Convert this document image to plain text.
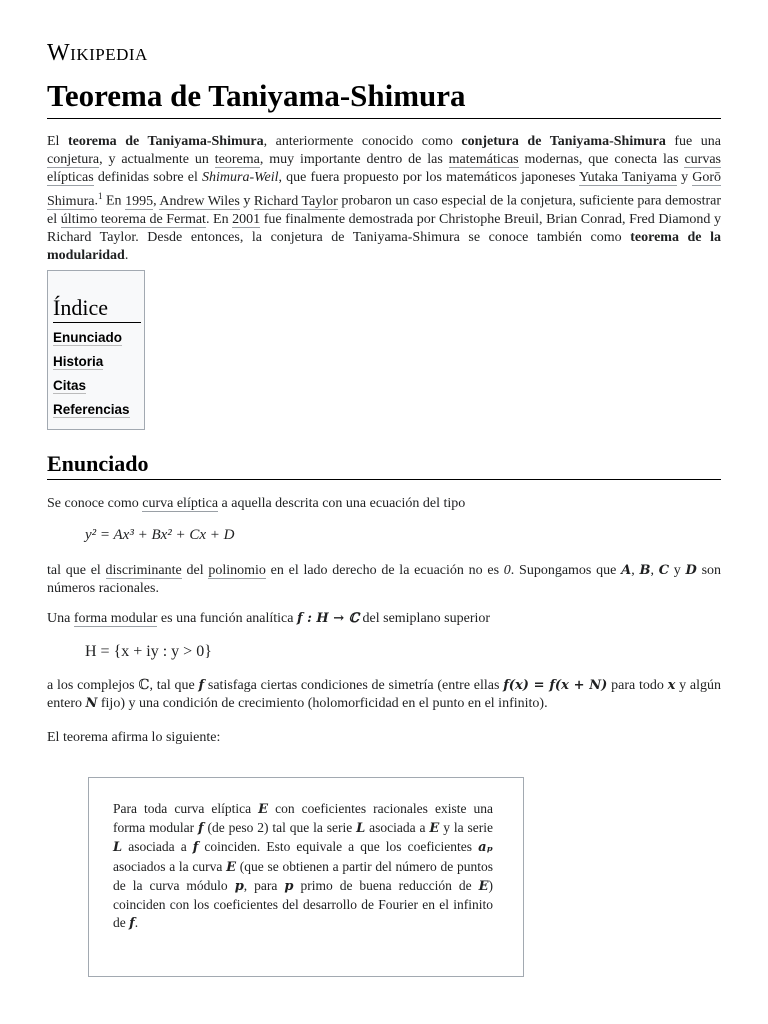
Wikipedia
Teorema de Taniyama-Shimura

El teorema de Taniyama-Shimura, anteriormente conocido como conjetura de Taniyama-Shimura fue una conjetura, y actualmente un teorema, muy importante dentro de las matemáticas modernas, que conecta las curvas elípticas definidas sobre el Shimura-Weil, que fuera propuesto por los matemáticos japoneses Yutaka Taniyama y Gorō Shimura.$^1$ En 1995, Andrew Wiles y Richard Taylor probaron un caso especial de la conjetura, suficiente para demostrar el último teorema de Fermat. En 2001 fue finalmente demostrada por Christophe Breuil, Brian Conrad, Fred Diamond y Richard Taylor. Desde entonces, la conjetura de Taniyama-Shimura se conoce también como teorema de la modularidad.

Índice
Enunciado
Historia
Citas
Referencias
Enunciado

Se conoce como curva elíptica a aquella descrita con una ecuación del tipo

y² = Ax³ + Bx² + Cx + D

tal que el discriminante del polinomio en el lado derecho de la ecuación no es 0. Supongamos que A, B, C y D son números racionales.

Una forma modular es una función analítica f : H → ℂ del semiplano superior

H = {x + iy : y > 0}

a los complejos ℂ, tal que f satisfaga ciertas condiciones de simetría (entre ellas f(x) = f(x + N) para todo x y algún entero N fijo) y una condición de crecimiento (holomorficidad en el punto en el infinito).

El teorema afirma lo siguiente:

Para toda curva elíptica E con coeficientes racionales existe una forma modular f (de peso 2) tal que la serie L asociada a E y la serie L asociada a f coinciden. Esto equivale a que los coeficientes aₚ asociados a la curva E (que se obtienen a partir del número de puntos de la curva módulo p, para p primo de buena reducción de E) coinciden con los coeficientes del desarrollo de Fourier en el infinito de f.
